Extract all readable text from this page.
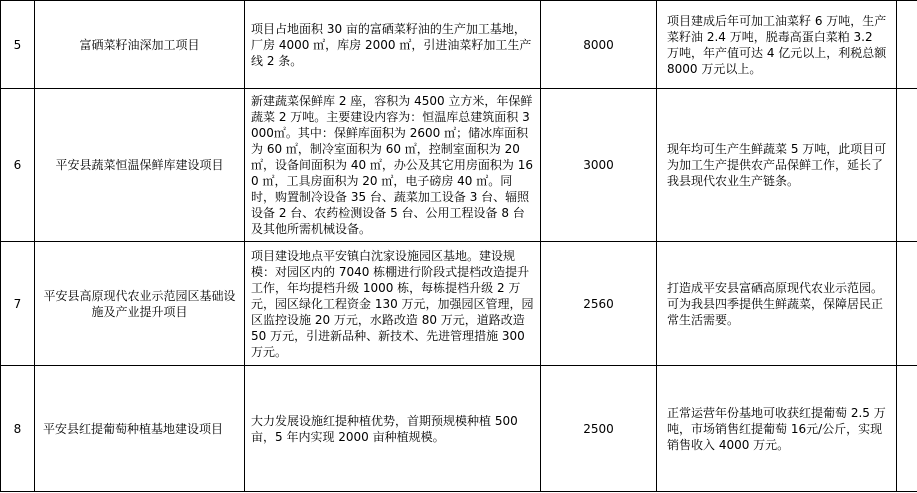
5	富硒菜籽油深加工项目	项目占地面积 30 亩的富硒菜籽油的生产加工基地，厂房 4000 ㎡，库房 2000 ㎡，引进油菜籽加工生产线 2 条。	8000	项目建成后年可加工油菜籽 6 万吨，生产菜籽油 2.4 万吨，脱毒高蛋白菜粕 3.2 万吨，年产值可达 4 亿元以上，利税总额 8000 万元以上。	
6	平安县蔬菜恒温保鲜库建设项目	新建蔬菜保鲜库 2 座，容积为 4500 立方米，年保鲜蔬菜 2 万吨。主要建设内容为：恒温库总建筑面积 3000㎡。其中：保鲜库面积为 2600 ㎡；储冰库面积为 60 ㎡，制冷室面积为 60 ㎡，控制室面积为 20 ㎡，设备间面积为 40 ㎡，办公及其它用房面积为 160 ㎡，工具房面积为 20 ㎡，电子磅房 40 ㎡。同时，购置制冷设备 35 台、蔬菜加工设备 3 台、辐照设备 2 台、农药检测设备 5 台、公用工程设备 8 台及其他所需机械设备。	3000	现年均可生产生鲜蔬菜 5 万吨，此项目可为加工生产提供农产品保鲜工作，延长了我县现代农业生产链条。	
7	平安县高原现代农业示范园区基础设施及产业提升项目	项目建设地点平安镇白沈家设施园区基地。建设规模：对园区内的 7040 栋棚进行阶段式提档改造提升工作，年均提档升级 1000 栋，每栋提档升级 2 万元，园区绿化工程资金 130 万元，加强园区管理，园区监控设施 20 万元，水路改造 80 万元，道路改造 50 万元，引进新品种、新技术、先进管理措施 300 万元。	2560	打造成平安县富硒高原现代农业示范园。可为我县四季提供生鲜蔬菜，保障居民正常生活需要。	
8	平安县红提葡萄种植基地建设项目	大力发展设施红提种植优势，首期预规模种植 500 亩，5 年内实现 2000 亩种植规模。	2500	正常运营年份基地可收获红提葡萄 2.5 万吨，市场销售红提葡萄 16元/公斤，实现销售收入 4000 万元。	
